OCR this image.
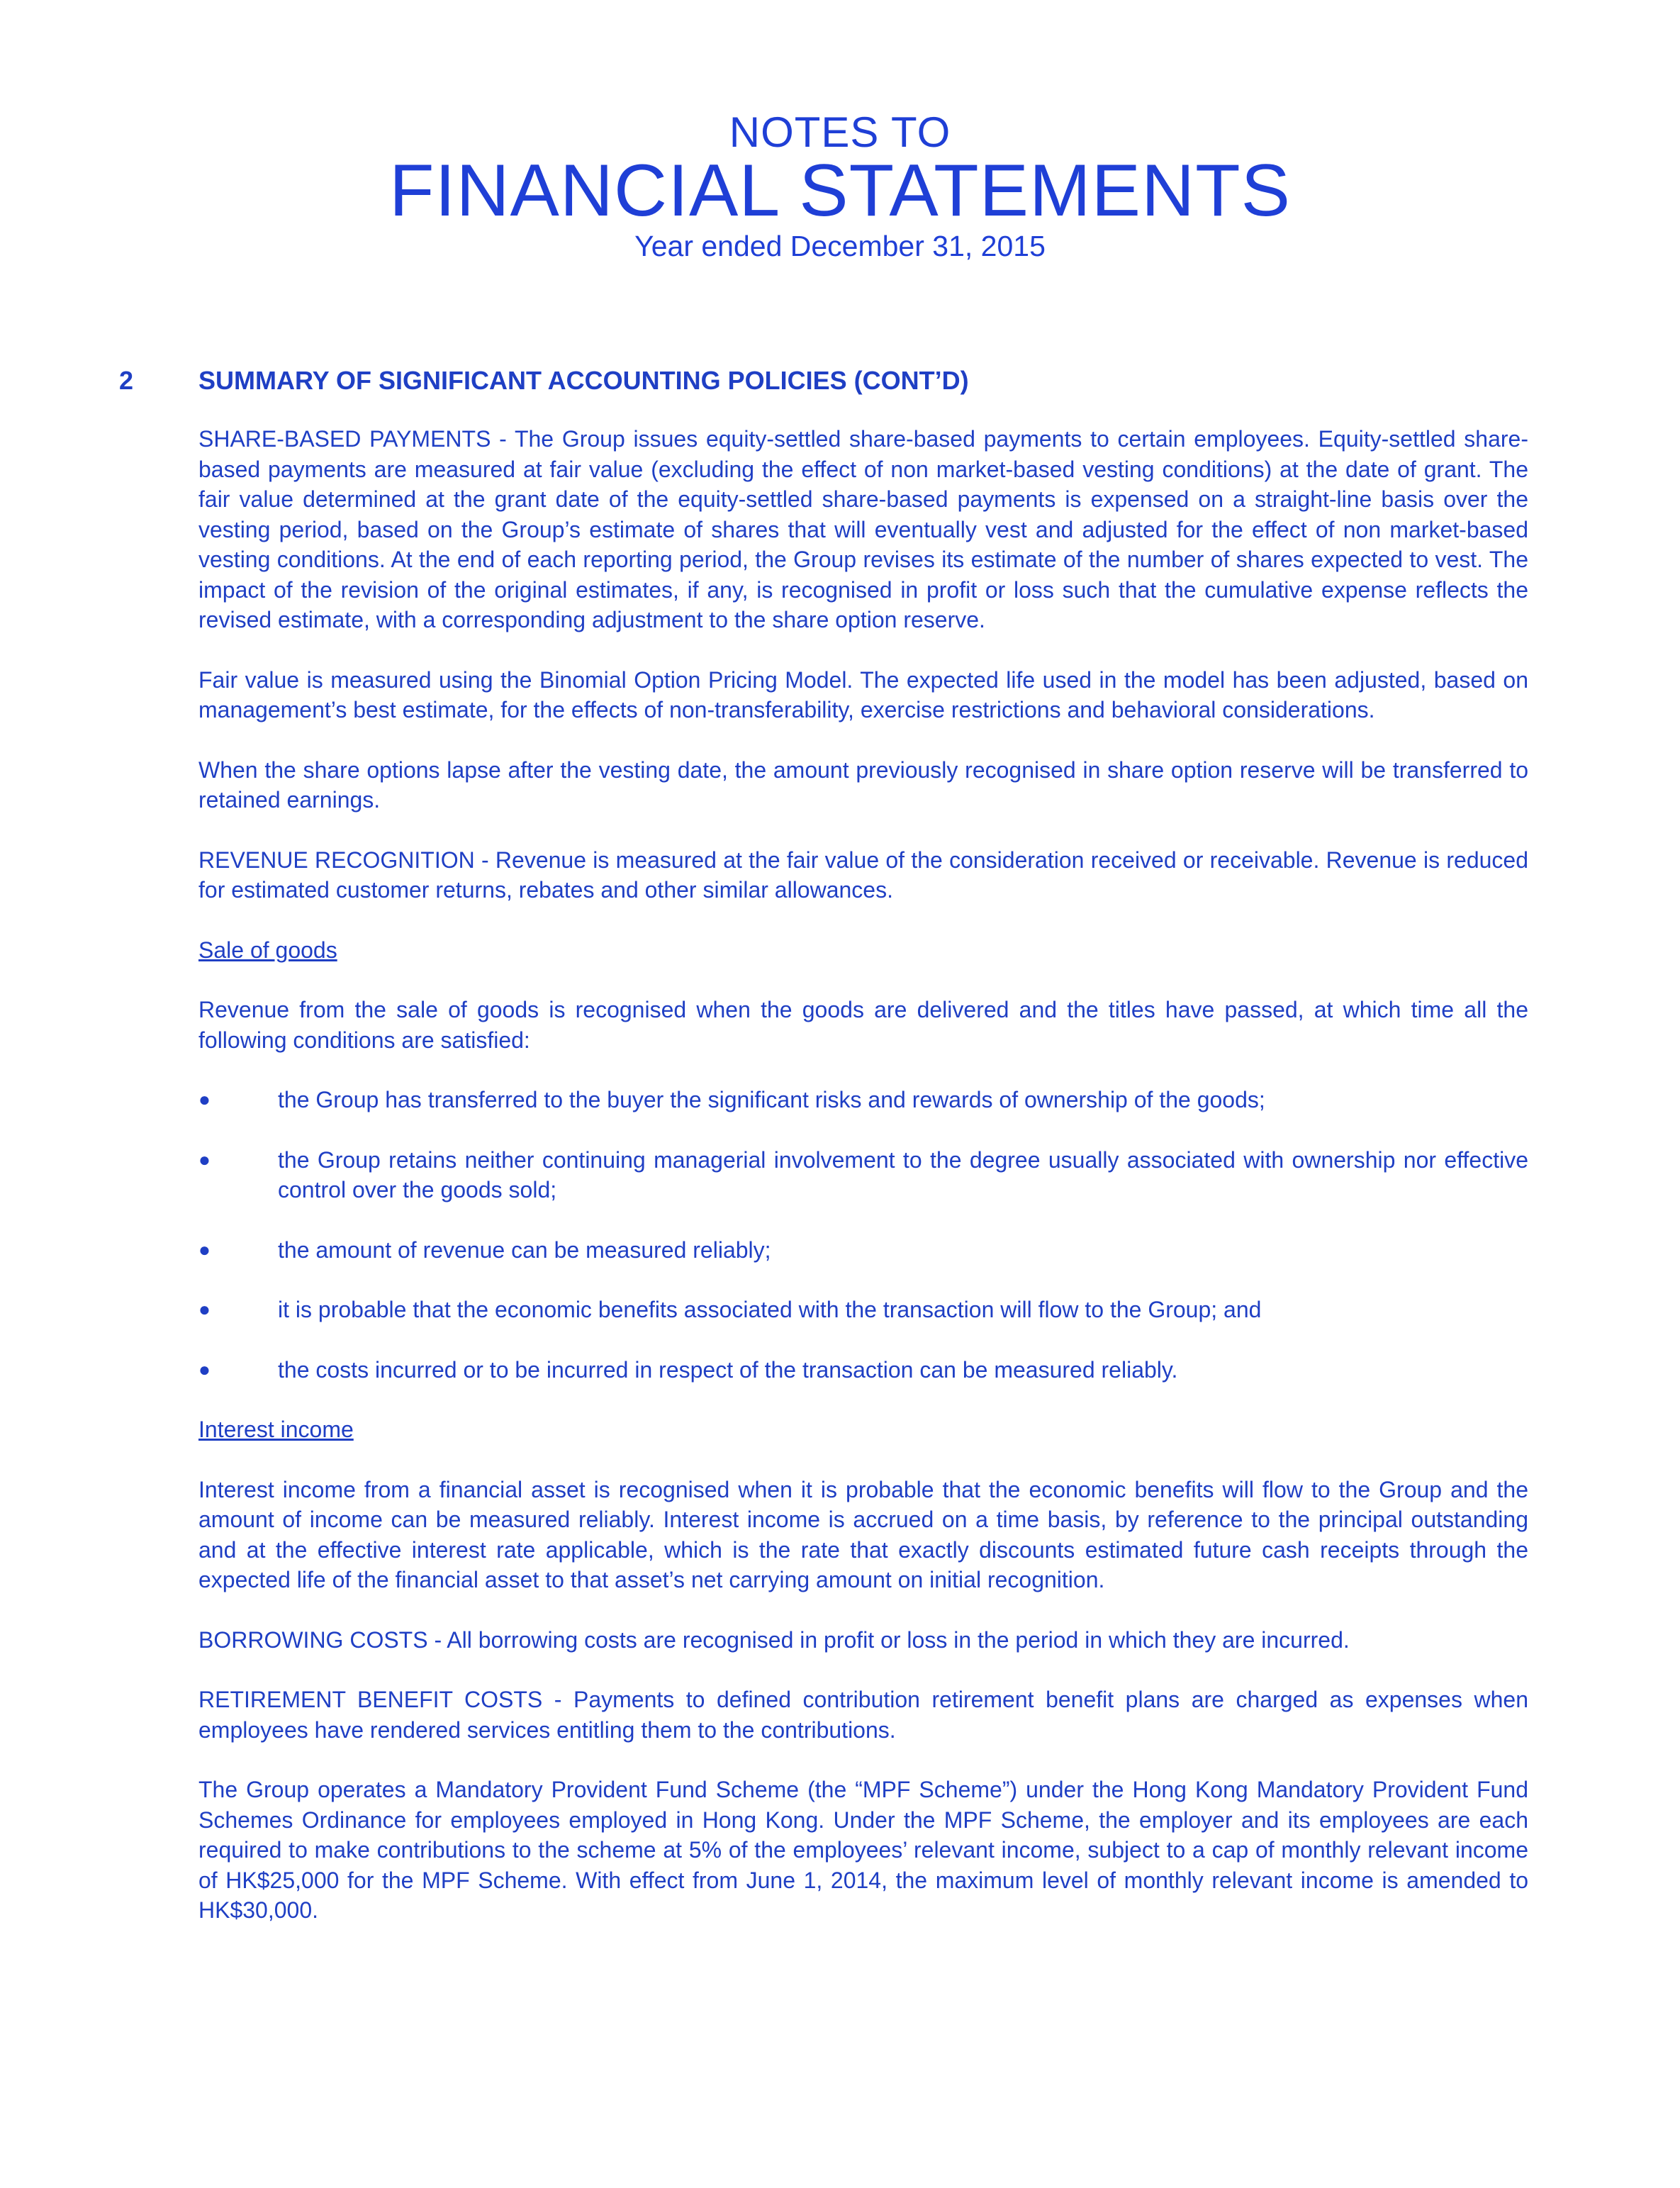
NOTES TO
FINANCIAL STATEMENTS
Year ended December 31, 2015
2	SUMMARY OF SIGNIFICANT ACCOUNTING POLICIES (CONT’D)

SHARE-BASED PAYMENTS - The Group issues equity-settled share-based payments to certain employees. Equity-settled share-based payments are measured at fair value (excluding the effect of non market-based vesting conditions) at the date of grant. The fair value determined at the grant date of the equity-settled share-based payments is expensed on a straight-line basis over the vesting period, based on the Group’s estimate of shares that will eventually vest and adjusted for the effect of non market-based vesting conditions. At the end of each reporting period, the Group revises its estimate of the number of shares expected to vest. The impact of the revision of the original estimates, if any, is recognised in profit or loss such that the cumulative expense reflects the revised estimate, with a corresponding adjustment to the share option reserve.

Fair value is measured using the Binomial Option Pricing Model. The expected life used in the model has been adjusted, based on management’s best estimate, for the effects of non-transferability, exercise restrictions and behavioral considerations.

When the share options lapse after the vesting date, the amount previously recognised in share option reserve will be transferred to retained earnings.

REVENUE RECOGNITION - Revenue is measured at the fair value of the consideration received or receivable. Revenue is reduced for estimated customer returns, rebates and other similar allowances.

Sale of goods

Revenue from the sale of goods is recognised when the goods are delivered and the titles have passed, at which time all the following conditions are satisfied:

●	the Group has transferred to the buyer the significant risks and rewards of ownership of the goods;
●	the Group retains neither continuing managerial involvement to the degree usually associated with ownership nor effective control over the goods sold;
●	the amount of revenue can be measured reliably;
●	it is probable that the economic benefits associated with the transaction will flow to the Group; and
●	the costs incurred or to be incurred in respect of the transaction can be measured reliably.

Interest income

Interest income from a financial asset is recognised when it is probable that the economic benefits will flow to the Group and the amount of income can be measured reliably. Interest income is accrued on a time basis, by reference to the principal outstanding and at the effective interest rate applicable, which is the rate that exactly discounts estimated future cash receipts through the expected life of the financial asset to that asset’s net carrying amount on initial recognition.

BORROWING COSTS - All borrowing costs are recognised in profit or loss in the period in which they are incurred.

RETIREMENT BENEFIT COSTS - Payments to defined contribution retirement benefit plans are charged as expenses when employees have rendered services entitling them to the contributions.

The Group operates a Mandatory Provident Fund Scheme (the “MPF Scheme”) under the Hong Kong Mandatory Provident Fund Schemes Ordinance for employees employed in Hong Kong. Under the MPF Scheme, the employer and its employees are each required to make contributions to the scheme at 5% of the employees’ relevant income, subject to a cap of monthly relevant income of HK$25,000 for the MPF Scheme. With effect from June 1, 2014, the maximum level of monthly relevant income is amended to HK$30,000.
